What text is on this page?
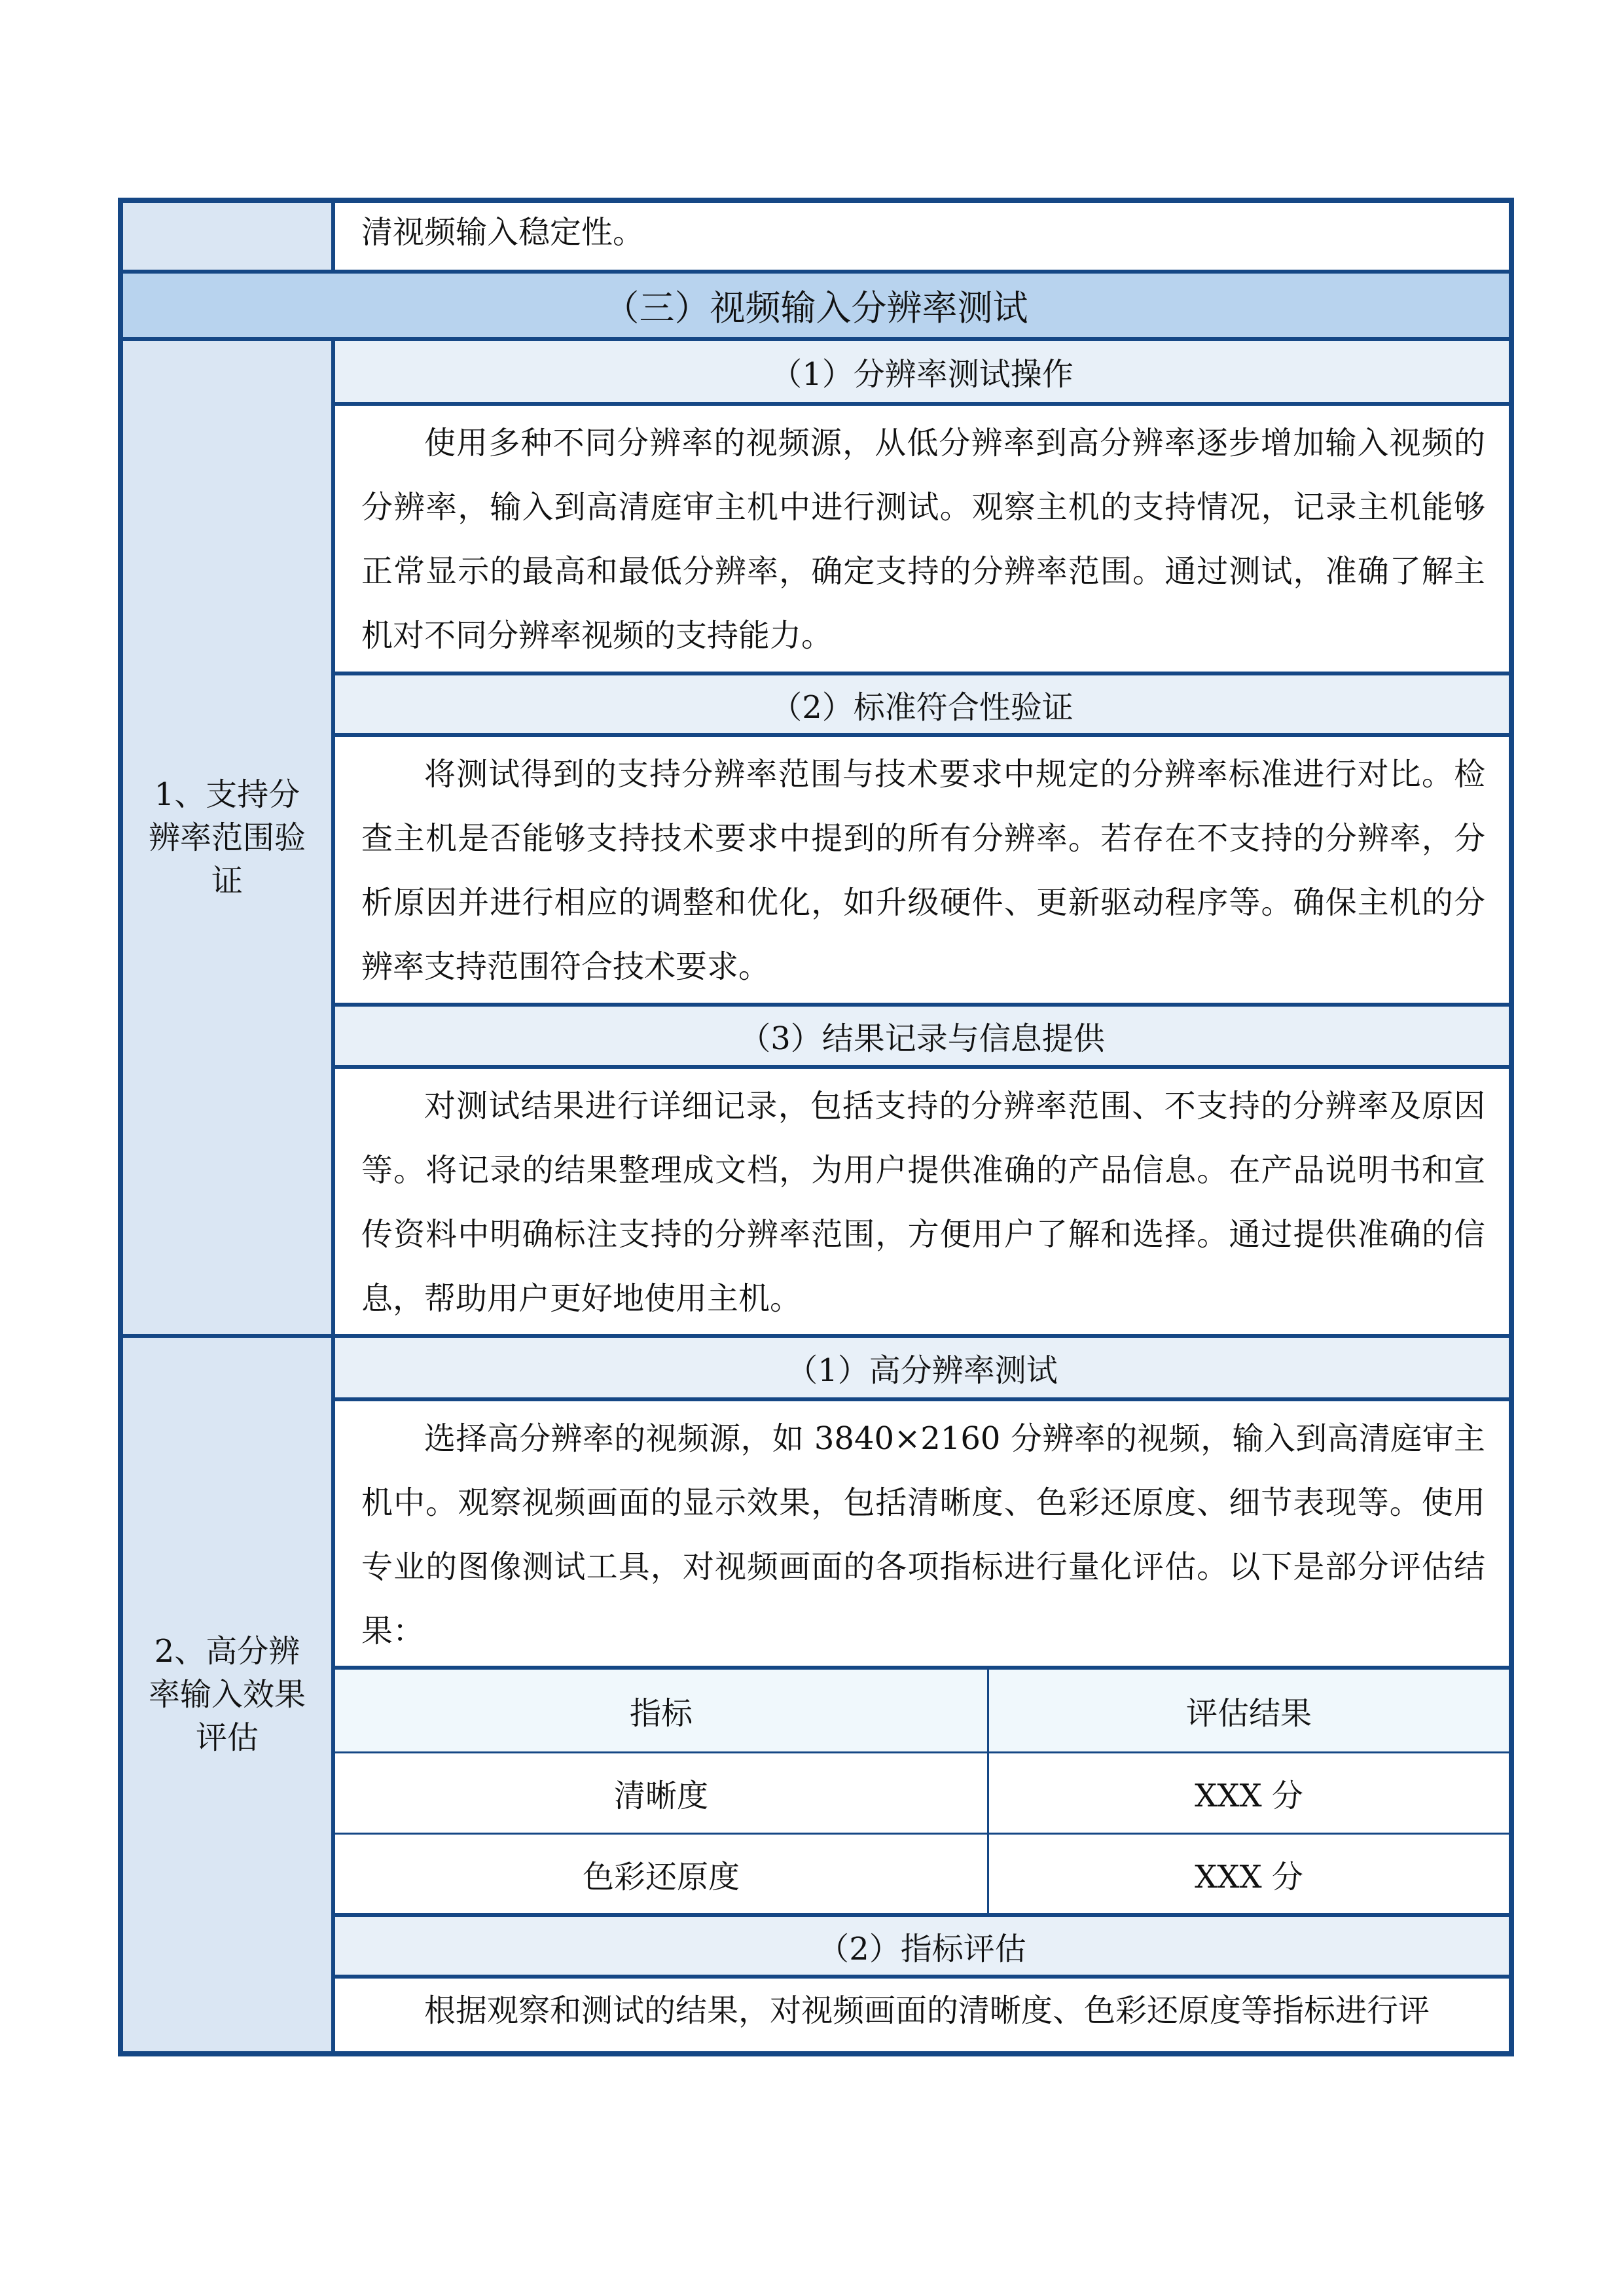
清视频输入稳定性。
（三）视频输入分辨率测试
1、支持分辨率范围验证
（1）分辨率测试操作
使用多种不同分辨率的视频源，从低分辨率到高分辨率逐步增加输入视频的分辨率，输入到高清庭审主机中进行测试。观察主机的支持情况，记录主机能够正常显示的最高和最低分辨率，确定支持的分辨率范围。通过测试，准确了解主机对不同分辨率视频的支持能力。
（2）标准符合性验证
将测试得到的支持分辨率范围与技术要求中规定的分辨率标准进行对比。检查主机是否能够支持技术要求中提到的所有分辨率。若存在不支持的分辨率，分析原因并进行相应的调整和优化，如升级硬件、更新驱动程序等。确保主机的分辨率支持范围符合技术要求。
（3）结果记录与信息提供
对测试结果进行详细记录，包括支持的分辨率范围、不支持的分辨率及原因等。将记录的结果整理成文档，为用户提供准确的产品信息。在产品说明书和宣传资料中明确标注支持的分辨率范围，方便用户了解和选择。通过提供准确的信息，帮助用户更好地使用主机。
2、高分辨率输入效果评估
（1）高分辨率测试
选择高分辨率的视频源，如 3840×2160 分辨率的视频，输入到高清庭审主机中。观察视频画面的显示效果，包括清晰度、色彩还原度、细节表现等。使用专业的图像测试工具，对视频画面的各项指标进行量化评估。以下是部分评估结果：
指标	评估结果
清晰度	XXX 分
色彩还原度	XXX 分
（2）指标评估
根据观察和测试的结果，对视频画面的清晰度、色彩还原度等指标进行评
